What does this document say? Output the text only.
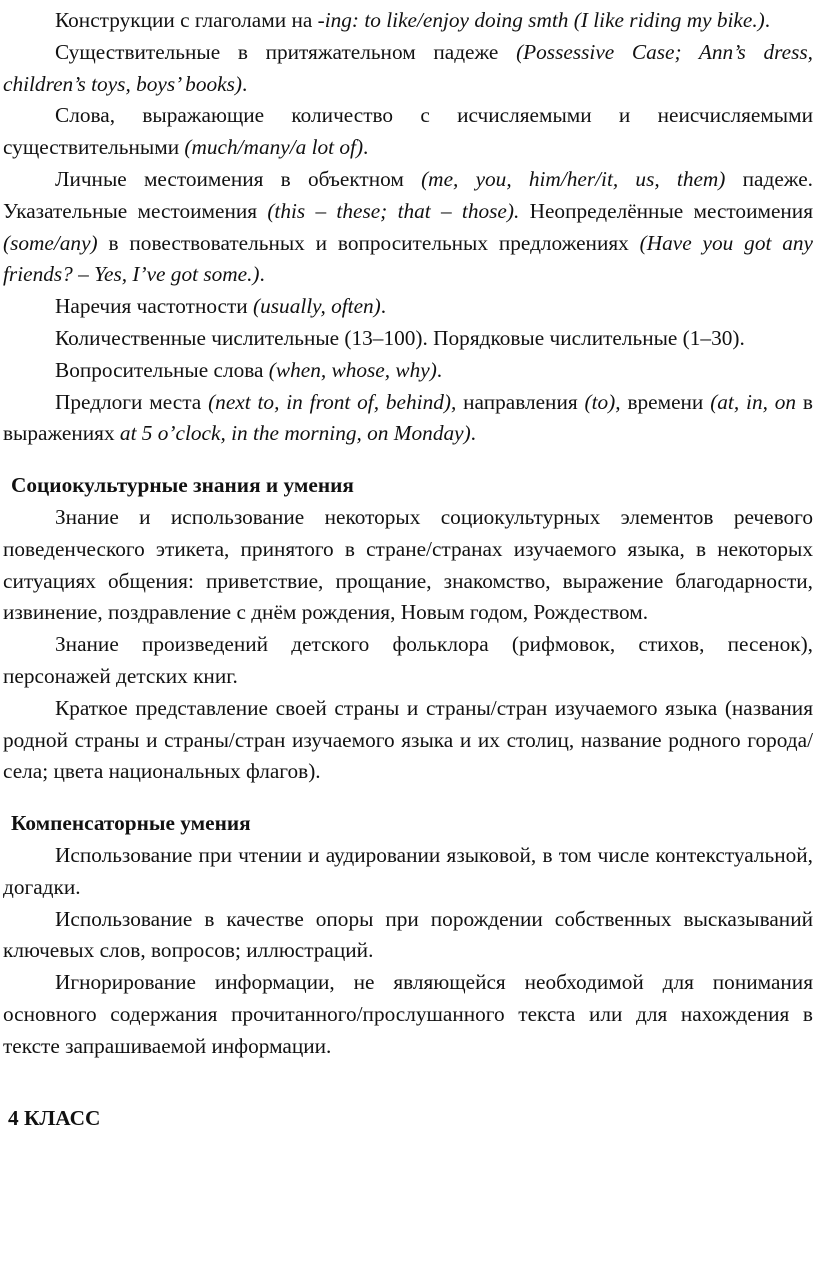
Конструкции с глаголами на -ing: to like/enjoy doing smth (I like riding my bike.).

Существительные в притяжательном падеже (Possessive Case; Ann’s dress, children’s toys, boys’ books).

Слова, выражающие количество с исчисляемыми и неисчисляемыми существительными (much/many/a lot of).

Личные местоимения в объектном (me, you, him/her/it, us, them) падеже. Указательные местоимения (this – these; that – those). Неопределённые местоимения (some/any) в повествовательных и вопросительных предложениях (Have you got any friends? – Yes, I’ve got some.).

Наречия частотности (usually, often).

Количественные числительные (13–100). Порядковые числительные (1–30).

Вопросительные слова (when, whose, why).

Предлоги места (next to, in front of, behind), направления (to), времени (at, in, on в выражениях at 5 o’clock, in the morning, on Monday).

Социокультурные знания и умения

Знание и использование некоторых социокультурных элементов речевого поведенческого этикета, принятого в стране/странах изучаемого языка, в некоторых ситуациях общения: приветствие, прощание, знакомство, выражение благодарности, извинение, поздравление с днём рождения, Новым годом, Рождеством.

Знание произведений детского фольклора (рифмовок, стихов, песенок), персонажей детских книг.

Краткое представление своей страны и страны/стран изучаемого языка (названия родной страны и страны/стран изучаемого языка и их столиц, название родного города/села; цвета национальных флагов).

Компенсаторные умения

Использование при чтении и аудировании языковой, в том числе контекстуальной, догадки.

Использование в качестве опоры при порождении собственных высказываний ключевых слов, вопросов; иллюстраций.

Игнорирование информации, не являющейся необходимой для понимания основного содержания прочитанного/прослушанного текста или для нахождения в тексте запрашиваемой информации.

4 КЛАСС
